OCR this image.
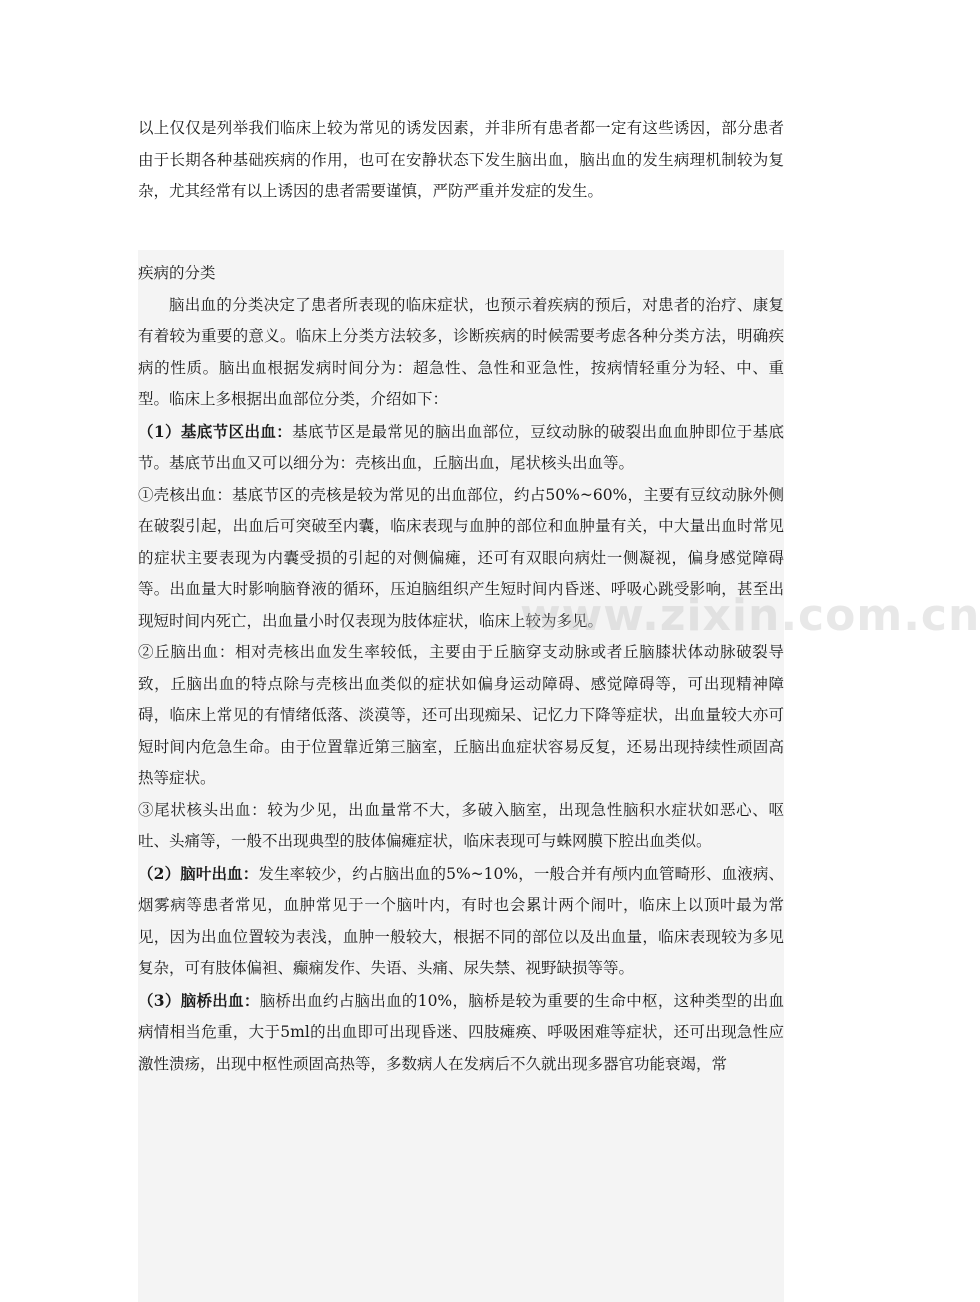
以上仅仅是列举我们临床上较为常见的诱发因素，并非所有患者都一定有这些诱因，部分患者由于长期各种基础疾病的作用，也可在安静状态下发生脑出血，脑出血的发生病理机制较为复杂，尤其经常有以上诱因的患者需要谨慎，严防严重并发症的发生。

疾病的分类

脑出血的分类决定了患者所表现的临床症状，也预示着疾病的预后，对患者的治疗、康复有着较为重要的意义。临床上分类方法较多，诊断疾病的时候需要考虑各种分类方法，明确疾病的性质。脑出血根据发病时间分为：超急性、急性和亚急性，按病情轻重分为轻、中、重型。临床上多根据出血部位分类，介绍如下：

（1）基底节区出血：基底节区是最常见的脑出血部位，豆纹动脉的破裂出血血肿即位于基底节。基底节出血又可以细分为：壳核出血，丘脑出血，尾状核头出血等。

①壳核出血：基底节区的壳核是较为常见的出血部位，约占50%~60%，主要有豆纹动脉外侧在破裂引起，出血后可突破至内囊，临床表现与血肿的部位和血肿量有关，中大量出血时常见的症状主要表现为内囊受损的引起的对侧偏瘫，还可有双眼向病灶一侧凝视，偏身感觉障碍等。出血量大时影响脑脊液的循环，压迫脑组织产生短时间内昏迷、呼吸心跳受影响，甚至出现短时间内死亡，出血量小时仅表现为肢体症状，临床上较为多见。

②丘脑出血：相对壳核出血发生率较低，主要由于丘脑穿支动脉或者丘脑膝状体动脉破裂导致，丘脑出血的特点除与壳核出血类似的症状如偏身运动障碍、感觉障碍等，可出现精神障碍，临床上常见的有情绪低落、淡漠等，还可出现痴呆、记忆力下降等症状，出血量较大亦可短时间内危急生命。由于位置靠近第三脑室，丘脑出血症状容易反复，还易出现持续性顽固高热等症状。

③尾状核头出血：较为少见，出血量常不大，多破入脑室，出现急性脑积水症状如恶心、呕吐、头痛等，一般不出现典型的肢体偏瘫症状，临床表现可与蛛网膜下腔出血类似。

（2）脑叶出血：发生率较少，约占脑出血的5%~10%，一般合并有颅内血管畸形、血液病、烟雾病等患者常见，血肿常见于一个脑叶内，有时也会累计两个闹叶，临床上以顶叶最为常见，因为出血位置较为表浅，血肿一般较大，根据不同的部位以及出血量，临床表现较为多见复杂，可有肢体偏袒、癫痫发作、失语、头痛、尿失禁、视野缺损等等。

（3）脑桥出血：脑桥出血约占脑出血的10%，脑桥是较为重要的生命中枢，这种类型的出血病情相当危重，大于5ml的出血即可出现昏迷、四肢瘫痪、呼吸困难等症状，还可出现急性应激性溃疡，出现中枢性顽固高热等，多数病人在发病后不久就出现多器官功能衰竭，常

www.zixin.com.cn
